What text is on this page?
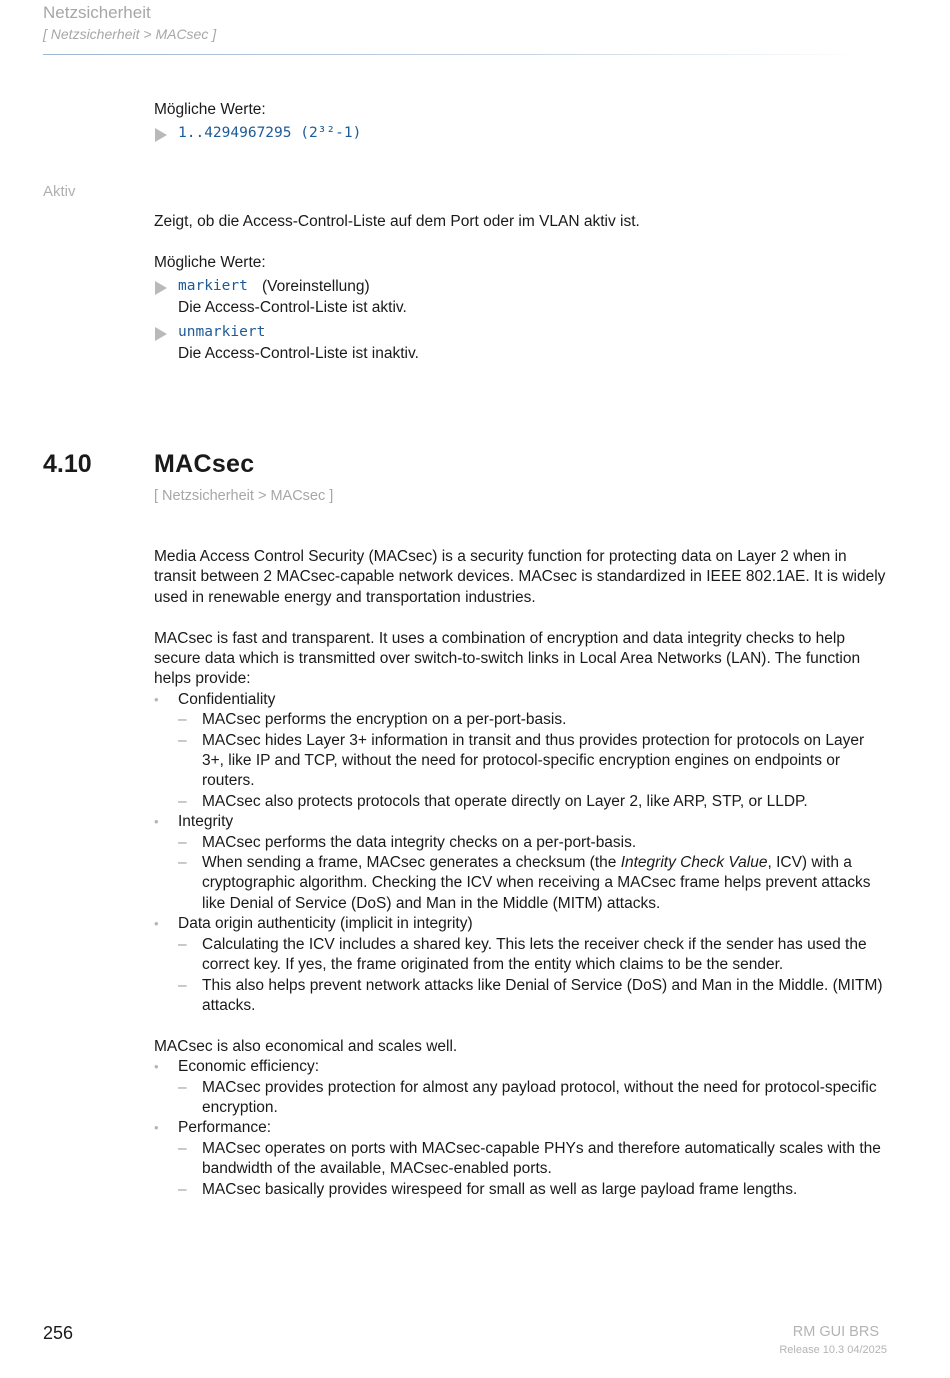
Netzsicherheit
[ Netzsicherheit > MACsec ]

Mögliche Werte:

1..4294967295 (2³²-1)
Aktiv

Zeigt, ob die Access-Control-Liste auf dem Port oder im VLAN aktiv ist.

Mögliche Werte:

markiert (Voreinstellung)
Die Access-Control-Liste ist aktiv.
unmarkiert
Die Access-Control-Liste ist inaktiv.
4.10 MACsec
[ Netzsicherheit > MACsec ]

Media Access Control Security (MACsec) is a security function for protecting data on Layer 2 when in transit between 2 MACsec-capable network devices. MACsec is standardized in IEEE 802.1AE. It is widely used in renewable energy and transportation industries.

MACsec is fast and transparent. It uses a combination of encryption and data integrity checks to help secure data which is transmitted over switch-to-switch links in Local Area Networks (LAN). The function helps provide:

• Confidentiality
– MACsec performs the encryption on a per-port-basis.
– MACsec hides Layer 3+ information in transit and thus provides protection for protocols on Layer 3+, like IP and TCP, without the need for protocol-specific encryption engines on endpoints or routers.
– MACsec also protects protocols that operate directly on Layer 2, like ARP, STP, or LLDP.
• Integrity
– MACsec performs the data integrity checks on a per-port-basis.
– When sending a frame, MACsec generates a checksum (the Integrity Check Value, ICV) with a cryptographic algorithm. Checking the ICV when receiving a MACsec frame helps prevent attacks like Denial of Service (DoS) and Man in the Middle (MITM) attacks.
• Data origin authenticity (implicit in integrity)
– Calculating the ICV includes a shared key. This lets the receiver check if the sender has used the correct key. If yes, the frame originated from the entity which claims to be the sender.
– This also helps prevent network attacks like Denial of Service (DoS) and Man in the Middle. (MITM) attacks.

MACsec is also economical and scales well.

• Economic efficiency:
– MACsec provides protection for almost any payload protocol, without the need for protocol-specific encryption.
• Performance:
– MACsec operates on ports with MACsec-capable PHYs and therefore automatically scales with the bandwidth of the available, MACsec-enabled ports.
– MACsec basically provides wirespeed for small as well as large payload frame lengths.
256	RM GUI BRS
Release 10.3 04/2025
